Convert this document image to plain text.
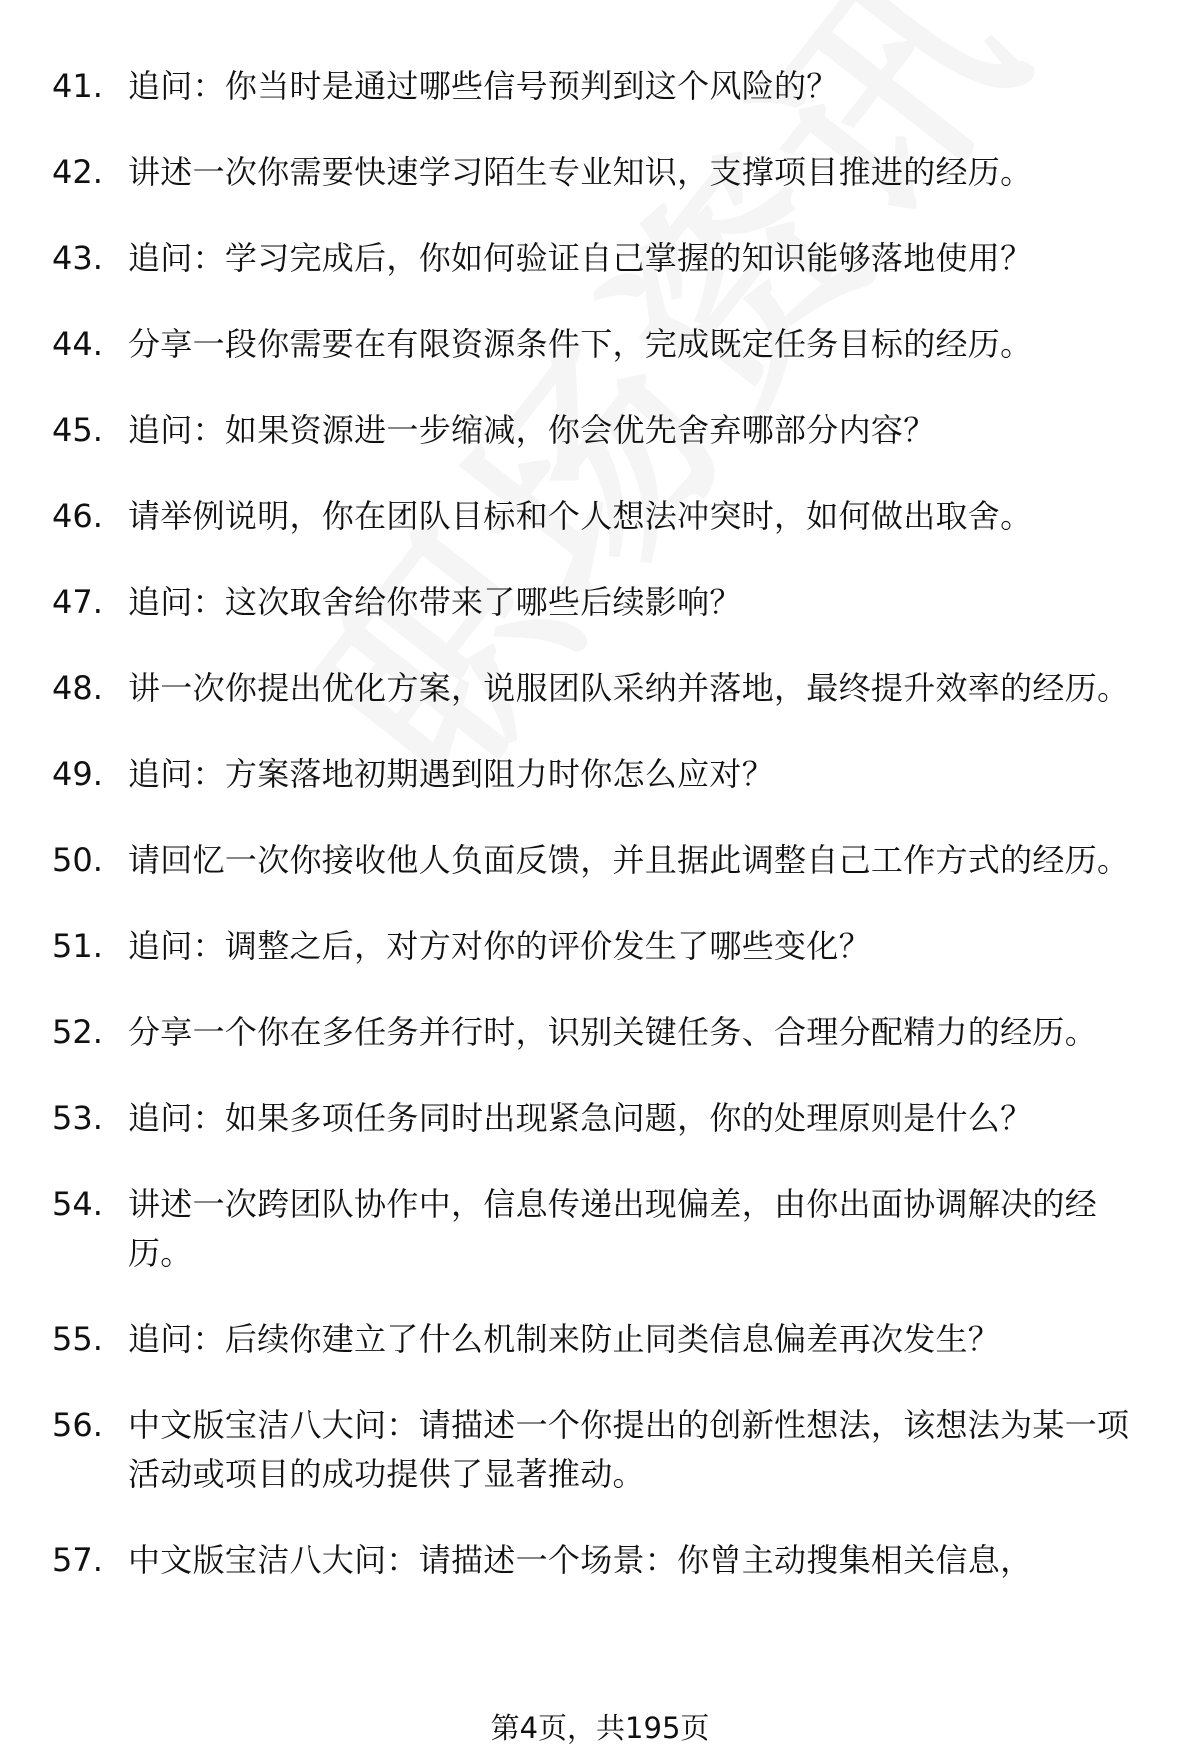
41. 追问：你当时是通过哪些信号预判到这个风险的？
42. 讲述一次你需要快速学习陌生专业知识，支撑项目推进的经历。
43. 追问：学习完成后，你如何验证自己掌握的知识能够落地使用？
44. 分享一段你需要在有限资源条件下，完成既定任务目标的经历。
45. 追问：如果资源进一步缩减，你会优先舍弃哪部分内容？
46. 请举例说明，你在团队目标和个人想法冲突时，如何做出取舍。
47. 追问：这次取舍给你带来了哪些后续影响？
48. 讲一次你提出优化方案，说服团队采纳并落地，最终提升效率的经历。
49. 追问：方案落地初期遇到阻力时你怎么应对？
50. 请回忆一次你接收他人负面反馈，并且据此调整自己工作方式的经历。
51. 追问：调整之后，对方对你的评价发生了哪些变化？
52. 分享一个你在多任务并行时，识别关键任务、合理分配精力的经历。
53. 追问：如果多项任务同时出现紧急问题，你的处理原则是什么？
54. 讲述一次跨团队协作中，信息传递出现偏差，由你出面协调解决的经历。
55. 追问：后续你建立了什么机制来防止同类信息偏差再次发生？
56. 中文版宝洁八大问：请描述一个你提出的创新性想法，该想法为某一项活动或项目的成功提供了显著推动。
57. 中文版宝洁八大问：请描述一个场景：你曾主动搜集相关信息，
第4页，共195页
